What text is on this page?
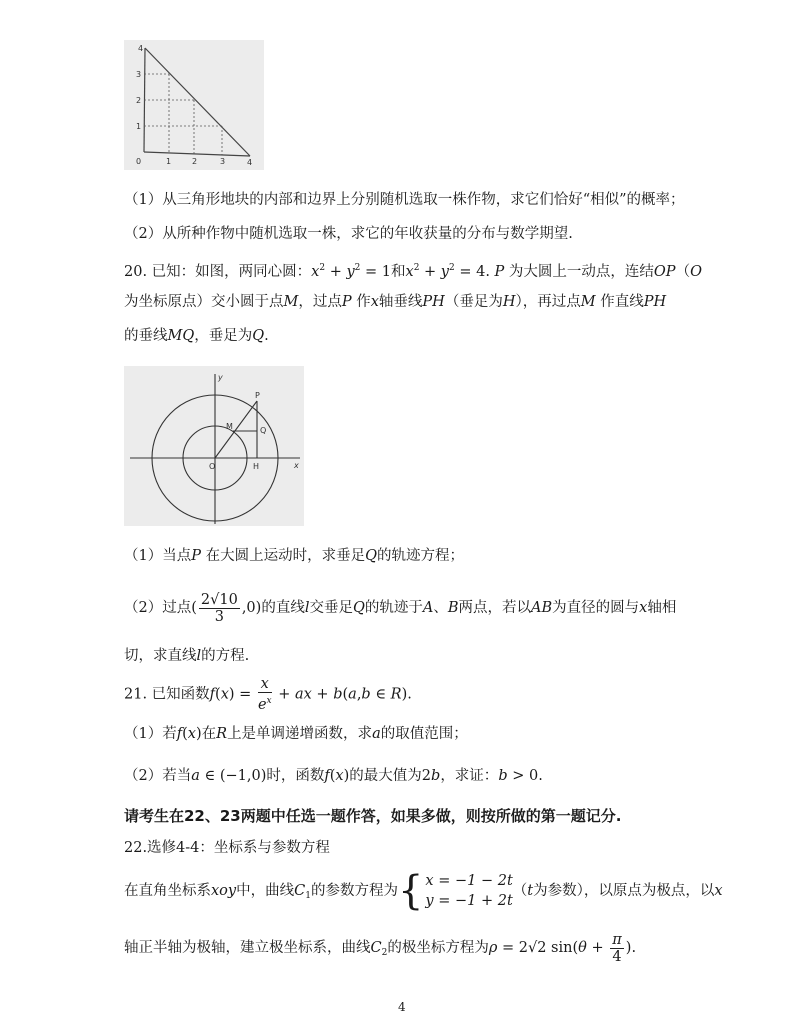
0	1	2	3	4
1
2
3
4
（1）从三角形地块的内部和边界上分别随机选取一株作物，求它们恰好“相似”的概率；
（2）从所种作物中随机选取一株，求它的年收获量的分布与数学期望.
20. 已知：如图，两同心圆：$x^2 + y^2 = 1$和$x^2 + y^2 = 4$. P 为大圆上一动点，连结OP（O
为坐标原点）交小圆于点M，过点P 作x轴垂线PH（垂足为H），再过点M 作直线PH
的垂线MQ，垂足为Q.
y
x
O
P
M	Q
H
（1）当点P 在大圆上运动时，求垂足Q的轨迹方程；
（2）过点( $\frac{2√10}{3} ,0$)的直线l交垂足Q的轨迹于A、B两点，若以AB为直径的圆与x轴相
切，求直线l的方程.
21. 已知函数$f(x) = \frac{x}{e^x}$ + ax + b(a,b ∈ R).
（1）若f(x)在R上是单调递增函数，求a的取值范围；
（2）若当a ∈ (−1,0)时，函数f(x)的最大值为2b，求证：b > 0.
请考生在22、23两题中任选一题作答，如果多做，则按所做的第一题记分.
22.选修4-4：坐标系与参数方程
在直角坐标系xoy中，曲线$C_1$的参数方程为{ x = −1 − 2t
y = −1 + 2t
（t为参数），以原点为极点，以x
轴正半轴为极轴，建立极坐标系，曲线$C_2$的极坐标方程为ρ = 2√2 $\sin(\theta + \frac{\pi}{4}$ ).
4
